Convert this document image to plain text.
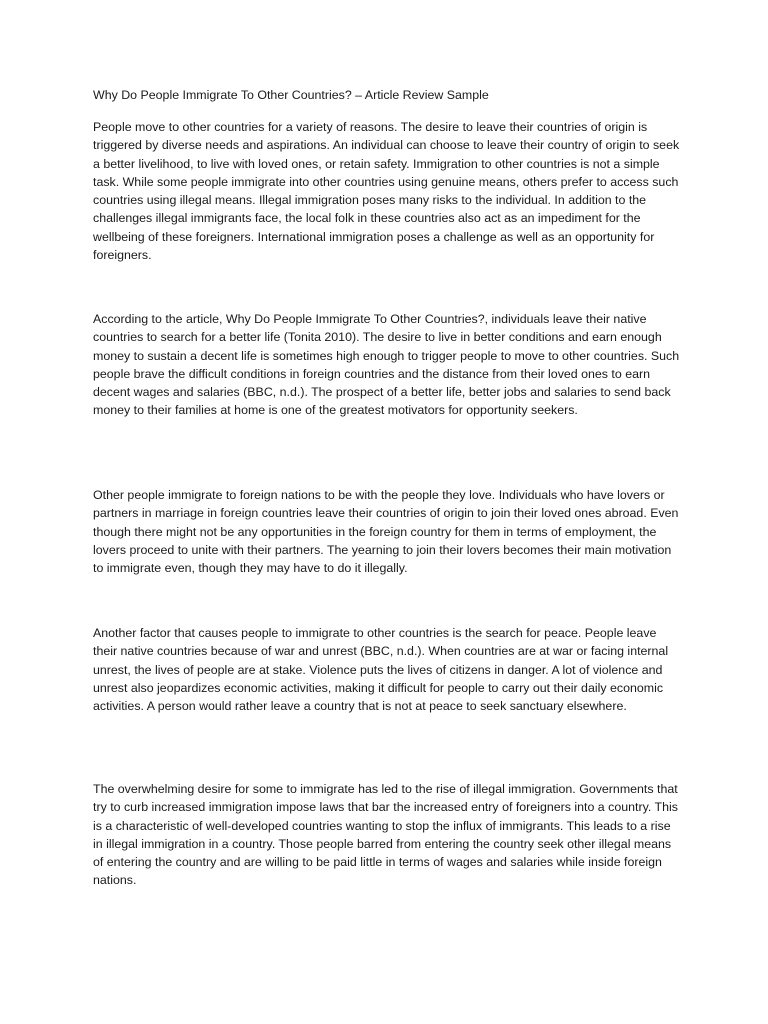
Why Do People Immigrate To Other Countries? – Article Review Sample

People move to other countries for a variety of reasons. The desire to leave their countries of origin is triggered by diverse needs and aspirations. An individual can choose to leave their country of origin to seek a better livelihood, to live with loved ones, or retain safety. Immigration to other countries is not a simple task. While some people immigrate into other countries using genuine means, others prefer to access such countries using illegal means. Illegal immigration poses many risks to the individual. In addition to the challenges illegal immigrants face, the local folk in these countries also act as an impediment for the wellbeing of these foreigners. International immigration poses a challenge as well as an opportunity for foreigners.

According to the article, Why Do People Immigrate To Other Countries?, individuals leave their native countries to search for a better life (Tonita 2010). The desire to live in better conditions and earn enough money to sustain a decent life is sometimes high enough to trigger people to move to other countries. Such people brave the difficult conditions in foreign countries and the distance from their loved ones to earn decent wages and salaries (BBC, n.d.). The prospect of a better life, better jobs and salaries to send back money to their families at home is one of the greatest motivators for opportunity seekers.

Other people immigrate to foreign nations to be with the people they love. Individuals who have lovers or partners in marriage in foreign countries leave their countries of origin to join their loved ones abroad. Even though there might not be any opportunities in the foreign country for them in terms of employment, the lovers proceed to unite with their partners. The yearning to join their lovers becomes their main motivation to immigrate even, though they may have to do it illegally.

Another factor that causes people to immigrate to other countries is the search for peace. People leave their native countries because of war and unrest (BBC, n.d.). When countries are at war or facing internal unrest, the lives of people are at stake. Violence puts the lives of citizens in danger. A lot of violence and unrest also jeopardizes economic activities, making it difficult for people to carry out their daily economic activities. A person would rather leave a country that is not at peace to seek sanctuary elsewhere.

The overwhelming desire for some to immigrate has led to the rise of illegal immigration. Governments that try to curb increased immigration impose laws that bar the increased entry of foreigners into a country. This is a characteristic of well-developed countries wanting to stop the influx of immigrants. This leads to a rise in illegal immigration in a country. Those people barred from entering the country seek other illegal means of entering the country and are willing to be paid little in terms of wages and salaries while inside foreign nations.
